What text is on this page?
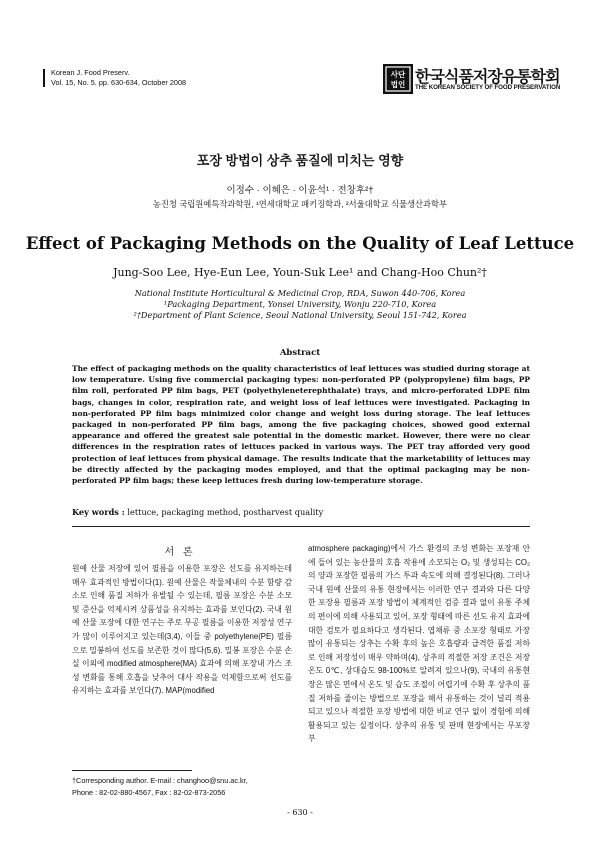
Korean J. Food Preserv.
Vol. 15, No. 5. pp. 630-634, October 2008
사단
법인 한국식품저장유통학회
THE KOREAN SOCIETY OF FOOD PRESERVATION
포장 방법이 상추 품질에 미치는 영향
이정수 · 이혜은 · 이윤석¹ · 전창후²†
농진청 국립원예특작과학원, ¹연세대학교 패키징학과, ²서울대학교 식물생산과학부
Effect of Packaging Methods on the Quality of Leaf Lettuce
Jung-Soo Lee, Hye-Eun Lee, Youn-Suk Lee¹ and Chang-Hoo Chun²†
National Institute Horticultural & Medicinal Crop, RDA, Suwon 440-706, Korea
¹Packaging Department, Yonsei University, Wonju 220-710, Korea
²†Department of Plant Science, Seoul National University, Seoul 151-742, Korea
Abstract
The effect of packaging methods on the quality characteristics of leaf lettuces was studied during storage at low temperature. Using five commercial packaging types: non-perforated PP (polypropylene) film bags, PP film roll, perforated PP film bags, PET (polyethyleneterephthalate) trays, and micro-perforated LDPE film bags, changes in color, respiration rate, and weight loss of leaf lettuces were investigated. Packaging in non-perforated PP film bags minimized color change and weight loss during storage. The leaf lettuces packaged in non-perforated PP film bags, among the five packaging choices, showed good external appearance and offered the greatest sale potential in the domestic market. However, there were no clear differences in the respiration rates of lettuces packed in various ways. The PET tray afforded very good protection of leaf lettuces from physical damage. The results indicate that the marketability of lettuces may be directly affected by the packaging modes employed, and that the optimal packaging may be non-perforated PP film bags; these keep lettuces fresh during low-temperature storage.
Key words : lettuce, packaging method, postharvest quality
서 론
원예 산물 저장에 있어 필름을 이용한 포장은 선도를 유지하는데 매우 효과적인 방법이다(1). 원예 산물은 작물체내의 수분 함량 감소로 인해 품질 저하가 유발될 수 있는데, 필름 포장은 수분 소모 및 증산을 억제시켜 상품성을 유지하는 효과를 보인다(2). 국내 원예 산물 포장에 대한 연구는 주로 무공 필름을 이용한 저장성 연구가 많이 이루어지고 있는데(3,4), 이들 중 polyethylene(PE) 필름으로 밀봉하여 선도를 보존한 것이 많다(5,6). 밀봉 포장은 수분 손실 이외에 modified atmosphere(MA) 효과에 의해 포장내 가스 조성 변화를 통해 호흡을 낮추어 대사 작용을 억제함으로써 선도를 유지하는 효과를 보인다(7). MAP(modified
atmosphere packaging)에서 가스 환경의 조성 변화는 포장재 안에 들어 있는 농산물의 호흡 작용에 소모되는 O₂ 및 생성되는 CO₂의 양과 포장한 필름의 가스 투과 속도에 의해 결정된다(8). 그러나 국내 원예 산물의 유통 현장에서는 이러한 연구 결과와 다른 다양한 포장용 필름과 포장 방법이 체계적인 검증 결과 없이 유통 주체의 편이에 의해 사용되고 있어, 포장 형태에 따른 선도 유지 효과에 대한 검토가 필요하다고 생각된다. 엽채류 중 소포장 형태로 가장 많이 유통되는 상추는 수확 후의 높은 호흡량과 급격한 품질 저하로 인해 저장성이 매우 약하며(4), 상추의 적절한 저장 조건은 저장 온도 0℃, 상대습도 98-100%로 알려져 있으나(9), 국내의 유통현장은 많은 면에서 온도 및 습도 조절이 어렵기에 수확 후 상추의 품질 저하를 줄이는 방법으로 포장을 해서 유통하는 것이 널리 적용되고 있으나 적절한 포장 방법에 대한 비교 연구 없이 경험에 의해 활용되고 있는 실정이다. 상추의 유통 및 판매 현장에서는 무포장부
†Corresponding author. E-mail : changhoo@snu.ac.kr,
Phone : 82-02-880-4567, Fax : 82-02-873-2056
- 630 -
